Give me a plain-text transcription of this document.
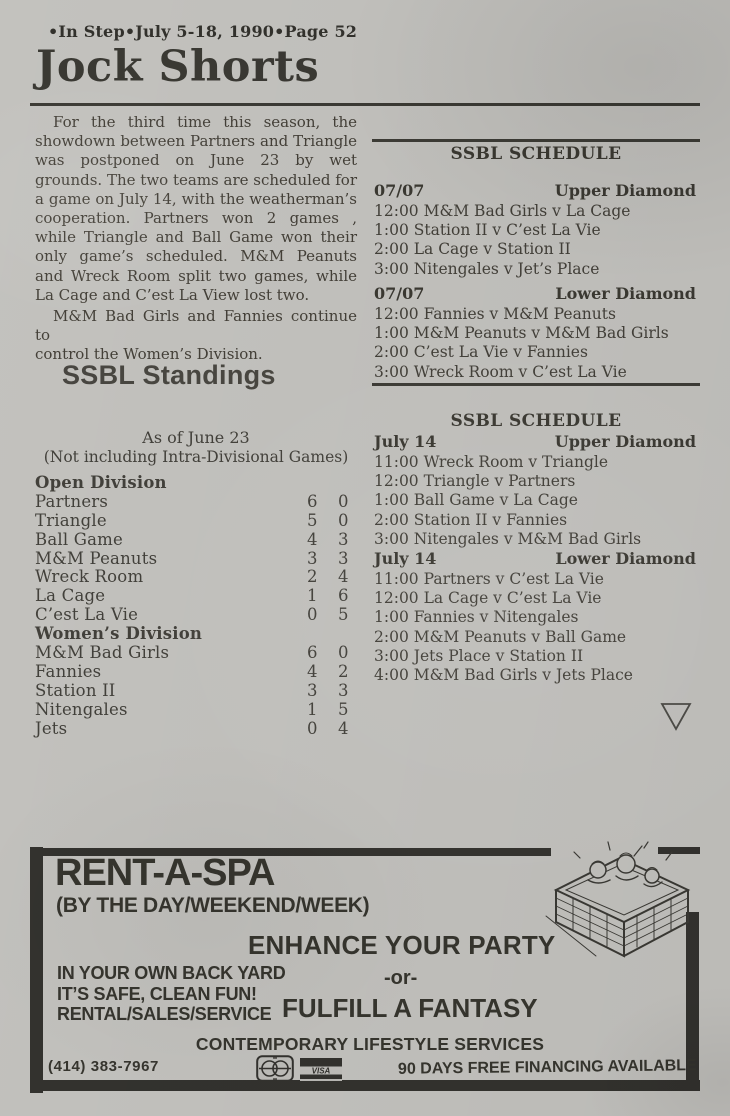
•In Step•July 5-18, 1990•Page 52
Jock Shorts
For the third time this season, the
showdown between Partners and Triangle
was postponed on June 23 by wet
grounds. The two teams are scheduled for
a game on July 14, with the weatherman’s
cooperation. Partners won 2 games ,
while Triangle and Ball Game won their
only game’s scheduled. M&M Peanuts
and Wreck Room split two games, while
La Cage and C’est La View lost two.
M&M Bad Girls and Fannies continue to
control the Women’s Division.
SSBL Standings
As of June 23
(Not including Intra-Divisional Games)
Open Division
Partners	6 0
Triangle	5 0
Ball Game	4 3
M&M Peanuts	3 3
Wreck Room	2 4
La Cage	1 6
C’est La Vie	0 5
Women’s Division
M&M Bad Girls	6 0
Fannies	4 2
Station II	3 3
Nitengales	1 5
Jets	0 4
SSBL SCHEDULE
07/07	Upper Diamond
12:00 M&M Bad Girls v La Cage
1:00 Station II v C’est La Vie
2:00 La Cage v Station II
3:00 Nitengales v Jet’s Place
07/07	Lower Diamond
12:00 Fannies v M&M Peanuts
1:00 M&M Peanuts v M&M Bad Girls
2:00 C’est La Vie v Fannies
3:00 Wreck Room v C’est La Vie
SSBL SCHEDULE
July 14	Upper Diamond
11:00 Wreck Room v Triangle
12:00 Triangle v Partners
1:00 Ball Game v La Cage
2:00 Station II v Fannies
3:00 Nitengales v M&M Bad Girls
July 14	Lower Diamond
11:00 Partners v C’est La Vie
12:00 La Cage v C’est La Vie
1:00 Fannies v Nitengales
2:00 M&M Peanuts v Ball Game
3:00 Jets Place v Station II
4:00 M&M Bad Girls v Jets Place
RENT-A-SPA
(BY THE DAY/WEEKEND/WEEK)
ENHANCE YOUR PARTY
IN YOUR OWN BACK YARD
IT’S SAFE, CLEAN FUN!
RENTAL/SALES/SERVICE
-or-
FULFILL A FANTASY
CONTEMPORARY LIFESTYLE SERVICES
(414) 383-7967	VISA	90 DAYS FREE FINANCING AVAILABLE
